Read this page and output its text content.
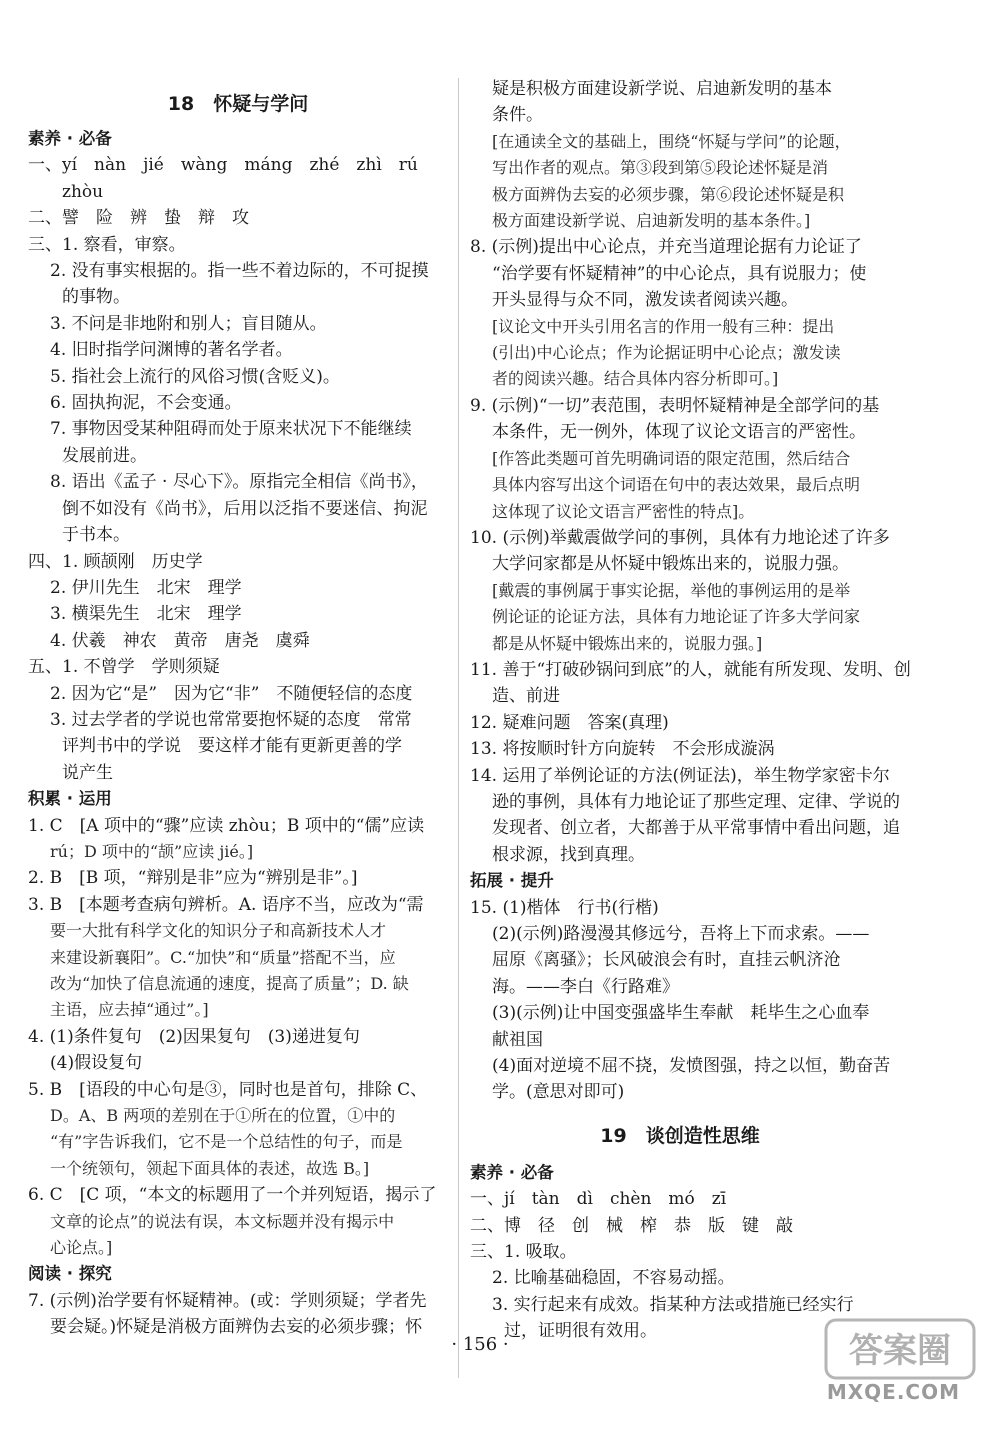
18　怀疑与学问
素养 · 必备
一、yí　nàn　jié　wàng　máng　zhé　zhì　rú
zhòu
二、譬　险　辨　蛰　辩　攻
三、1. 察看，审察。
2. 没有事实根据的。指一些不着边际的，不可捉摸
的事物。
3. 不问是非地附和别人；盲目随从。
4. 旧时指学问渊博的著名学者。
5. 指社会上流行的风俗习惯(含贬义)。
6. 固执拘泥，不会变通。
7. 事物因受某种阻碍而处于原来状况下不能继续
发展前进。
8. 语出《孟子 · 尽心下》。原指完全相信《尚书》，
倒不如没有《尚书》，后用以泛指不要迷信、拘泥
于书本。
四、1. 顾颉刚　历史学
2. 伊川先生　北宋　理学
3. 横渠先生　北宋　理学
4. 伏羲　神农　黄帝　唐尧　虞舜
五、1. 不曾学　学则须疑
2. 因为它“是”　因为它“非”　不随便轻信的态度
3. 过去学者的学说也常常要抱怀疑的态度　常常
评判书中的学说　要这样才能有更新更善的学
说产生
积累 · 运用
1. C　[A 项中的“骤”应读 zhòu；B 项中的“儒”应读
rú；D 项中的“颉”应读 jié。]
2. B　[B 项，“辩别是非”应为“辨别是非”。]
3. B　[本题考查病句辨析。A. 语序不当，应改为“需
要一大批有科学文化的知识分子和高新技术人才
来建设新襄阳”。C.“加快”和“质量”搭配不当，应
改为“加快了信息流通的速度，提高了质量”；D. 缺
主语，应去掉“通过”。]
4. (1)条件复句　(2)因果复句　(3)递进复句
(4)假设复句
5. B　[语段的中心句是③，同时也是首句，排除 C、
D。A、B 两项的差别在于①所在的位置，①中的
“有”字告诉我们，它不是一个总结性的句子，而是
一个统领句，领起下面具体的表述，故选 B。]
6. C　[C 项，“本文的标题用了一个并列短语，揭示了
文章的论点”的说法有误，本文标题并没有揭示中
心论点。]
阅读 · 探究
7. (示例)治学要有怀疑精神。(或：学则须疑；学者先
要会疑。)怀疑是消极方面辨伪去妄的必须步骤；怀
疑是积极方面建设新学说、启迪新发明的基本
条件。
[在通读全文的基础上，围绕“怀疑与学问”的论题，
写出作者的观点。第③段到第⑤段论述怀疑是消
极方面辨伪去妄的必须步骤，第⑥段论述怀疑是积
极方面建设新学说、启迪新发明的基本条件。]
8. (示例)提出中心论点，并充当道理论据有力论证了
“治学要有怀疑精神”的中心论点，具有说服力；使
开头显得与众不同，激发读者阅读兴趣。
[议论文中开头引用名言的作用一般有三种：提出
(引出)中心论点；作为论据证明中心论点；激发读
者的阅读兴趣。结合具体内容分析即可。]
9. (示例)“一切”表范围，表明怀疑精神是全部学问的基
本条件，无一例外，体现了议论文语言的严密性。
[作答此类题可首先明确词语的限定范围，然后结合
具体内容写出这个词语在句中的表达效果，最后点明
这体现了议论文语言严密性的特点]。
10. (示例)举戴震做学问的事例，具体有力地论述了许多
大学问家都是从怀疑中锻炼出来的，说服力强。
[戴震的事例属于事实论据，举他的事例运用的是举
例论证的论证方法，具体有力地论证了许多大学问家
都是从怀疑中锻炼出来的，说服力强。]
11. 善于“打破砂锅问到底”的人，就能有所发现、发明、创
造、前进
12. 疑难问题　答案(真理)
13. 将按顺时针方向旋转　不会形成漩涡
14. 运用了举例论证的方法(例证法)，举生物学家密卡尔
逊的事例，具体有力地论证了那些定理、定律、学说的
发现者、创立者，大都善于从平常事情中看出问题，追
根求源，找到真理。
拓展 · 提升
15. (1)楷体　行书(行楷)
(2)(示例)路漫漫其修远兮，吾将上下而求索。——
屈原《离骚》；长风破浪会有时，直挂云帆济沧
海。——李白《行路难》
(3)(示例)让中国变强盛毕生奉献　耗毕生之心血奉
献祖国
(4)面对逆境不屈不挠，发愤图强，持之以恒，勤奋苦
学。(意思对即可)
19　谈创造性思维
素养 · 必备
一、jí　tàn　dì　chèn　mó　zī
二、博　径　创　械　榨　恭　版　键　敲
三、1. 吸取。
2. 比喻基础稳固，不容易动摇。
3. 实行起来有成效。指某种方法或措施已经实行
过，证明很有效用。
· 156 ·	答案圈
MXQE.COM
